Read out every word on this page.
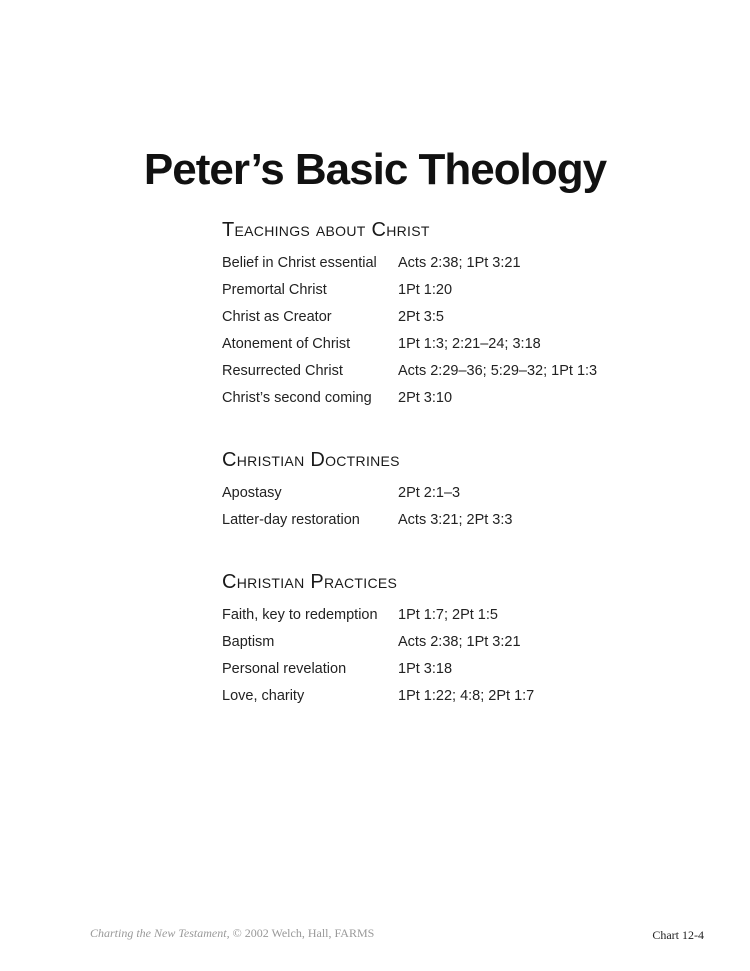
Peter’s Basic Theology
Teachings about Christ
Belief in Christ essential	Acts 2:38; 1Pt 3:21
Premortal Christ	1Pt 1:20
Christ as Creator	2Pt 3:5
Atonement of Christ	1Pt 1:3; 2:21–24; 3:18
Resurrected Christ	Acts 2:29–36; 5:29–32; 1Pt 1:3
Christ’s second coming	2Pt 3:10
Christian Doctrines
Apostasy	2Pt 2:1–3
Latter-day restoration	Acts 3:21; 2Pt 3:3
Christian Practices
Faith, key to redemption	1Pt 1:7; 2Pt 1:5
Baptism	Acts 2:38; 1Pt 3:21
Personal revelation	1Pt 3:18
Love, charity	1Pt 1:22; 4:8; 2Pt 1:7
Charting the New Testament, © 2002 Welch, Hall, FARMS	Chart 12-4
